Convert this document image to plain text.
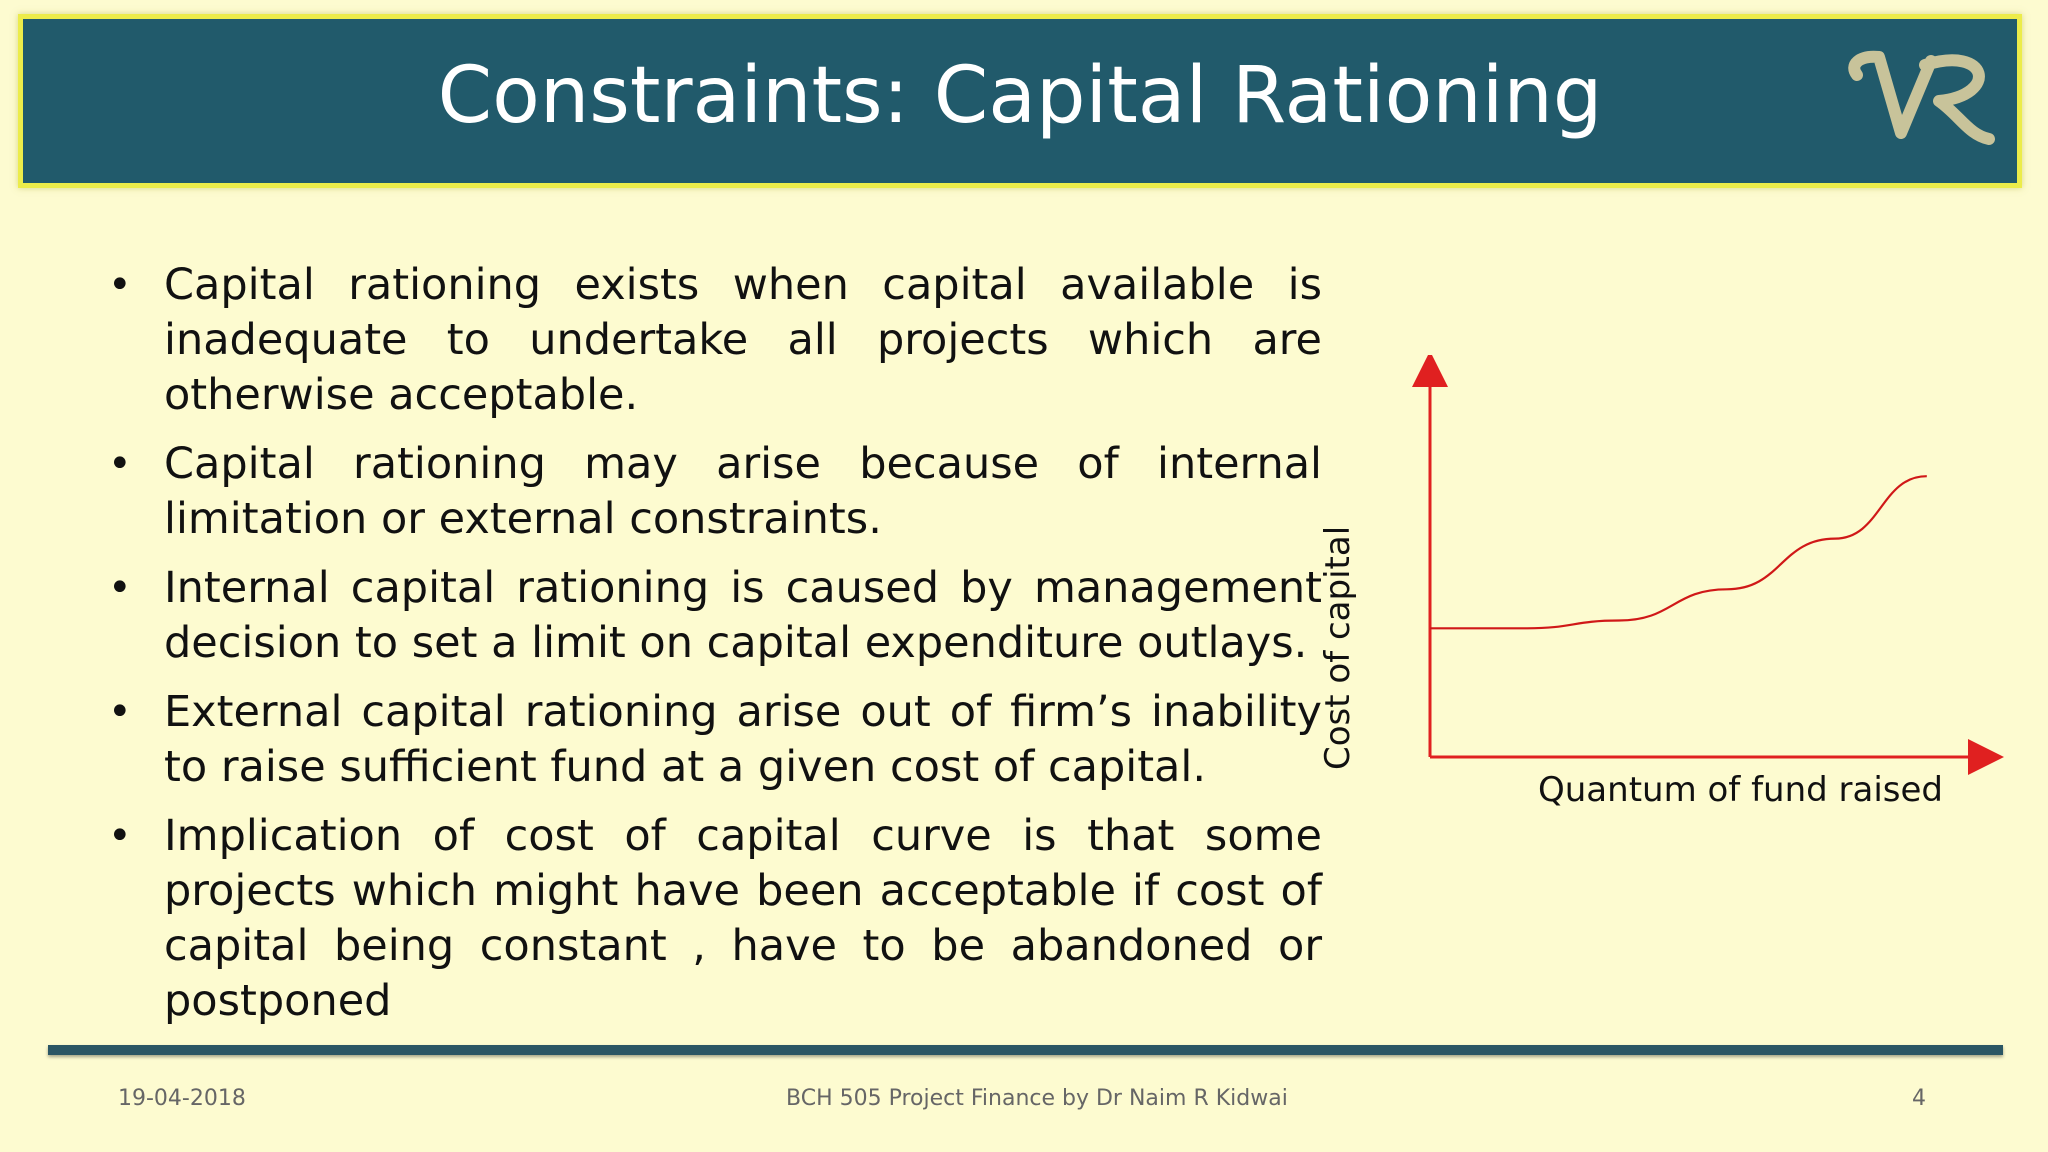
Constraints: Capital Rationing
• Capital rationing exists when capital available is inadequate to undertake all projects which are otherwise acceptable.
• Capital rationing may arise because of internal limitation or external constraints.
• Internal capital rationing is caused by management decision to set a limit on capital expenditure outlays.
• External capital rationing arise out of firm’s inability to raise sufficient fund at a given cost of capital.
• Implication of cost of capital curve is that some projects which might have been acceptable if cost of capital being constant , have to be abandoned or postponed
Cost of capital
Quantum of fund raised
19-04-2018	BCH 505 Project Finance by Dr Naim R Kidwai	4
